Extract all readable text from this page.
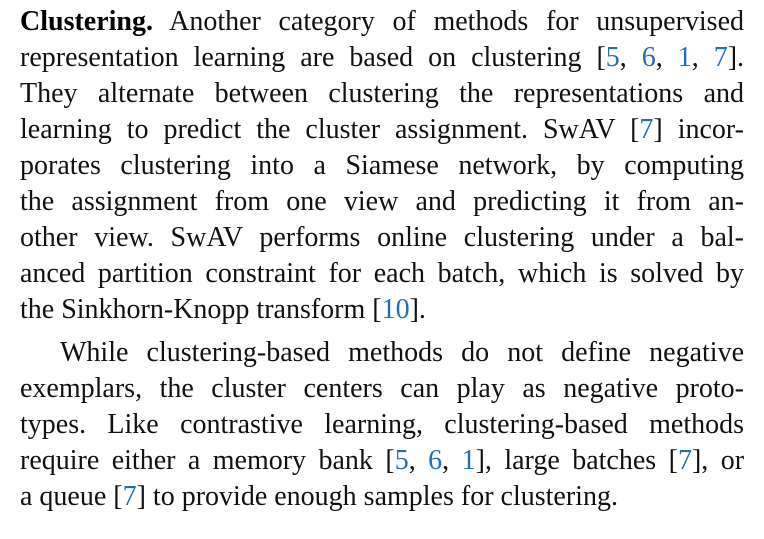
Clustering. Another category of methods for unsupervised
representation learning are based on clustering [5, 6, 1, 7].
They alternate between clustering the representations and
learning to predict the cluster assignment. SwAV [7] incor-
porates clustering into a Siamese network, by computing
the assignment from one view and predicting it from an-
other view. SwAV performs online clustering under a bal-
anced partition constraint for each batch, which is solved by
the Sinkhorn-Knopp transform [10].
While clustering-based methods do not define negative
exemplars, the cluster centers can play as negative proto-
types. Like contrastive learning, clustering-based methods
require either a memory bank [5, 6, 1], large batches [7], or
a queue [7] to provide enough samples for clustering.
